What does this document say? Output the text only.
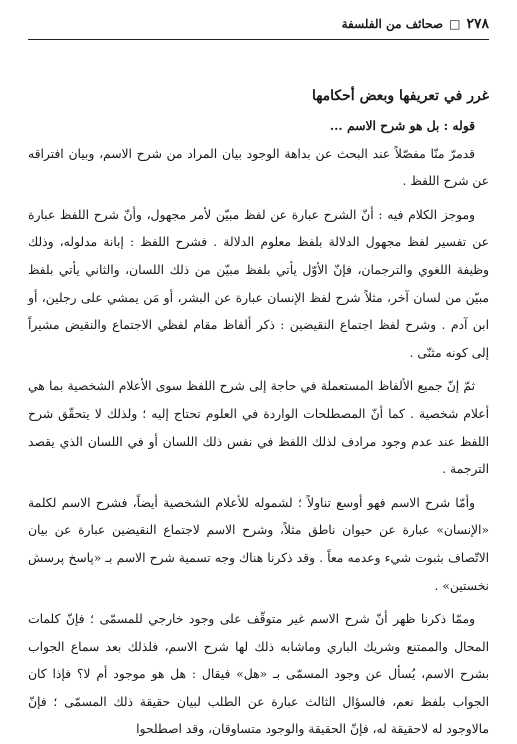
٢٧٨
□
صحائف من الفلسفة
غرر في تعريفها وبعض أحكامها

قوله : بل هو شرح الاسم ...

قدمرّ منّا مفصّلاً عند البحث عن بداهة الوجود بيان المراد من شرح الاسم، وبيان افتراقه عن شرح اللفظ .

وموجز الكلام فيه : أنّ الشرح عبارة عن لفظ مبيّن لأمر مجهول، وأنّ شرح اللفظ عبارة عن تفسير لفظ مجهول الدلالة بلفظ معلوم الدلالة . فشرح اللفظ : إبانة مدلوله، وذلك وظيفة اللغوي والترجمان، فإنّ الأوّل يأتي بلفظ مبيّن من ذلك اللسان، والثاني يأتي بلفظ مبيّن من لسان آخر، مثلاً شرح لفظ الإنسان عبارة عن البشر، أو مَن يمشي على رجلين، أو ابن آدم . وشرح لفظ اجتماع النقيضين : ذكر ألفاظ مقام لفظي الاجتماع والنقيض مشيراً إلى كونه مثنّى .

ثمّ إنّ جميع الألفاظ المستعملة في حاجة إلى شرح اللفظ سوى الأعلام الشخصية بما هي أعلام شخصية . كما أنّ المصطلحات الواردة في العلوم تحتاج إليه ؛ ولذلك لا يتحقّق شرح اللفظ عند عدم وجود مرادف لذلك اللفظ في نفس ذلك اللسان أو في اللسان الذي يقصد الترجمة .

وأمّا شرح الاسم فهو أوسع تناولاً ؛ لشموله للأعلام الشخصية أيضاً، فشرح الاسم لكلمة «الإنسان» عبارة عن حيوان ناطق مثلاً، وشرح الاسم لاجتماع النقيضين عبارة عن بيان الاتّصاف بثبوت شيء وعدمه معاً . وقد ذكرنا هناك وجه تسمية شرح الاسم بـ «پاسخ پرسش نخستين» .

وممّا ذكرنا ظهر أنّ شرح الاسم غير متوقّف على وجود خارجي للمسمّى ؛ فإنّ كلمات المحال والممتنع وشريك الباري وماشابه ذلك لها شرح الاسم، فلذلك بعد سماع الجواب بشرح الاسم، يُسأل عن وجود المسمّى بـ «هل» فيقال : هل هو موجود أم لا؟ فإذا كان الجواب بلفظ نعم، فالسؤال الثالث عبارة عن الطلب لبيان حقيقة ذلك المسمّى ؛ فإنّ مالاوجود له لاحقيقة له، فإنّ الحقيقة والوجود متساوقان، وقد اصطلحوا
